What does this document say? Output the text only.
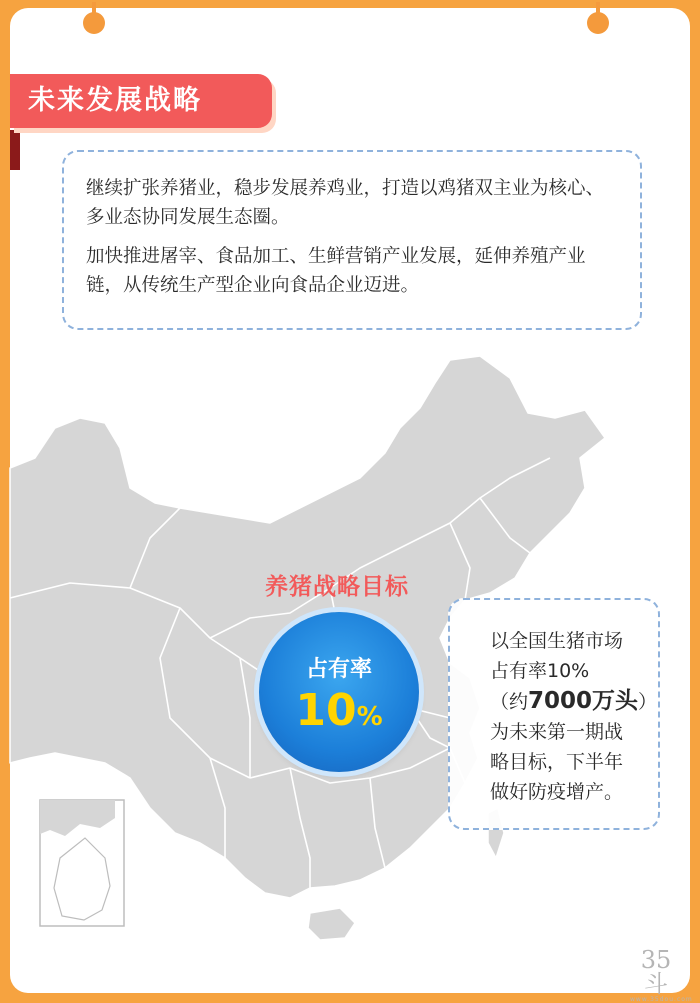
未来发展战略

继续扩张养猪业，稳步发展养鸡业，打造以鸡猪双主业为核心、多业态协同发展生态圈。

加快推进屠宰、食品加工、生鲜营销产业发展，延伸养殖产业链，从传统生产型企业向食品企业迈进。

养猪战略目标
占有率
10%
以全国生猪市场
占有率10%
（约7000万头）
为未来第一期战
略目标，下半年
做好防疫增产。
35斗
www.35dou.com
